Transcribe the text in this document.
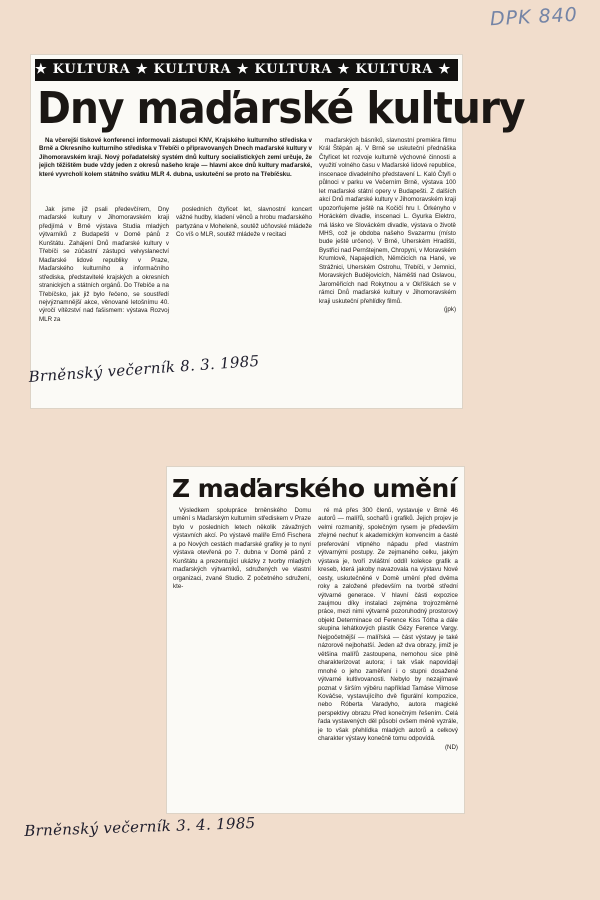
DPK 840
★ KULTURA ★ KULTURA ★ KULTURA ★ KULTURA ★
Dny maďarské kultury

Na včerejší tiskové konferenci informovali zástupci KNV, Krajského kulturního střediska v Brně a Okresního kulturního střediska v Třebíči o připravovaných Dnech maďarské kultury v Jihomoravském kraji. Nový pořadatelský systém dnů kultury socialistických zemí určuje, že jejich těžištěm bude vždy jeden z okresů našeho kraje — hlavní akce dnů kultury maďarské, které vyvrcholí kolem státního svátku MLR 4. dubna, uskuteční se proto na Třebíčsku.

Jak jsme již psali předevčírem, Dny maďarské kultury v Jihomoravském kraji předjímá v Brně výstava Studia mladých výtvarníků z Budapešti v Domě pánů z Kunštátu. Zahájení Dnů maďarské kultury v Třebíči se zúčastní zástupci velvyslanectví Maďarské lidové republiky v Praze, Maďarského kulturního a informačního střediska, představitelé krajských a okresních stranických a státních orgánů. Do Třebíče a na Třebíčsko, jak již bylo řečeno, se soustředí nejvýznamnější akce, věnované letošnímu 40. výročí vítězství nad fašismem: výstava Rozvoj MLR za

posledních čtyřicet let, slavnostní koncert vážné hudby, kladení věnců a hrobu maďarského partyzána v Moheleně, soutěž učňovské mládeže Co víš o MLR, soutěž mládeže v recitaci

maďarských básníků, slavnostní premiéra filmu Král Štěpán aj. V Brně se uskuteční přednáška Čtyřicet let rozvoje kulturně výchovné činnosti a využití volného času v Maďarské lidové republice, inscenace divadelního představení L. Kaló Čtyři o půlnoci v parku ve Večerním Brně, výstava 100 let maďarské státní opery v Budapešti. Z dalších akcí Dnů maďarské kultury v Jihomoravském kraji upozorňujeme ještě na Kočičí hru I. Örkényho v Horáckém divadle, inscenaci L. Gyurka Elektro, má lásko ve Slováckém divadle, výstava o životě MHS, což je obdoba našeho Svazarmu (místo bude ještě určeno). V Brně, Uherském Hradišti, Bystřici nad Pernštejnem, Chropyni, v Moravském Krumlově, Napajedlích, Němčicích na Hané, ve Strážnici, Uherském Ostrohu, Třebíči, v Jemnici, Moravských Budějovicích, Náměšti nad Oslavou, Jaroměřicích nad Rokytnou a v Okříškách se v rámci Dnů maďarské kultury v Jihomoravském kraji uskuteční přehlídky filmů.

(jpk)
Brněnský večerník 8. 3. 1985
Z maďarského umění

Výsledkem spolupráce brněnského Domu umění s Maďarským kulturním střediskem v Praze bylo v posledních letech několik závažných výstavních akcí. Po výstavě malíře Ernő Fischera a po Nových cestách maďarské grafiky je to nyní výstava otevřená po 7. dubna v Domě pánů z Kunštátu a prezentující ukázky z tvorby mladých maďarských výtvarníků, sdružených ve vlastní organizaci, zvané Studio. Z početného sdružení, kte-

ré má přes 300 členů, vystavuje v Brně 46 autorů — malířů, sochařů i grafiků. Jejich projev je velmi rozmanitý, společným rysem je především zřejmé nechuť k akademickým konvencím a časté preferování vtipného nápadu před vlastním výtvarnými postupy. Ze zejmaného celku, jakým výstava je, tvoří zvláštní oddíl kolekce grafik a kreseb, která jakoby navazovala na výstavu Nové cesty, uskutečněné v Domě umění před dvěma roky a založené především na tvorbě střední výtvarné generace. V hlavní části expozice zaujmou díky instalaci zejména trojrozměrné práce, mezi nimi výtvarně pozoruhodný prostorový objekt Determinace od Ference Kiss Tótha a dále skupina lehátkových plastik Gézy Ference Vargy. Nejpočetnější — malířská — část výstavy je také názorově nejbohatší. Jeden až dva obrazy, jimiž je většina malířů zastoupena, nemohou sice plně charakterizovat autora; i tak však napovídají mnohé o jeho zaměření i o stupni dosažené výtvarné kultivovanosti. Nebylo by nezajímavé poznat v širším výběru například Tamáse Vilmose Kováčse, vystavujícího dvě figurální kompozice, nebo Róberta Varadyho, autora magické perspektivy obrazu Před konečným řešením. Celá řada vystavených děl působí ovšem méně vyzrále, je to však přehlídka mladých autorů a celkový charakter výstavy konečně tomu odpovídá.

(ND)
Brněnský večerník 3. 4. 1985
